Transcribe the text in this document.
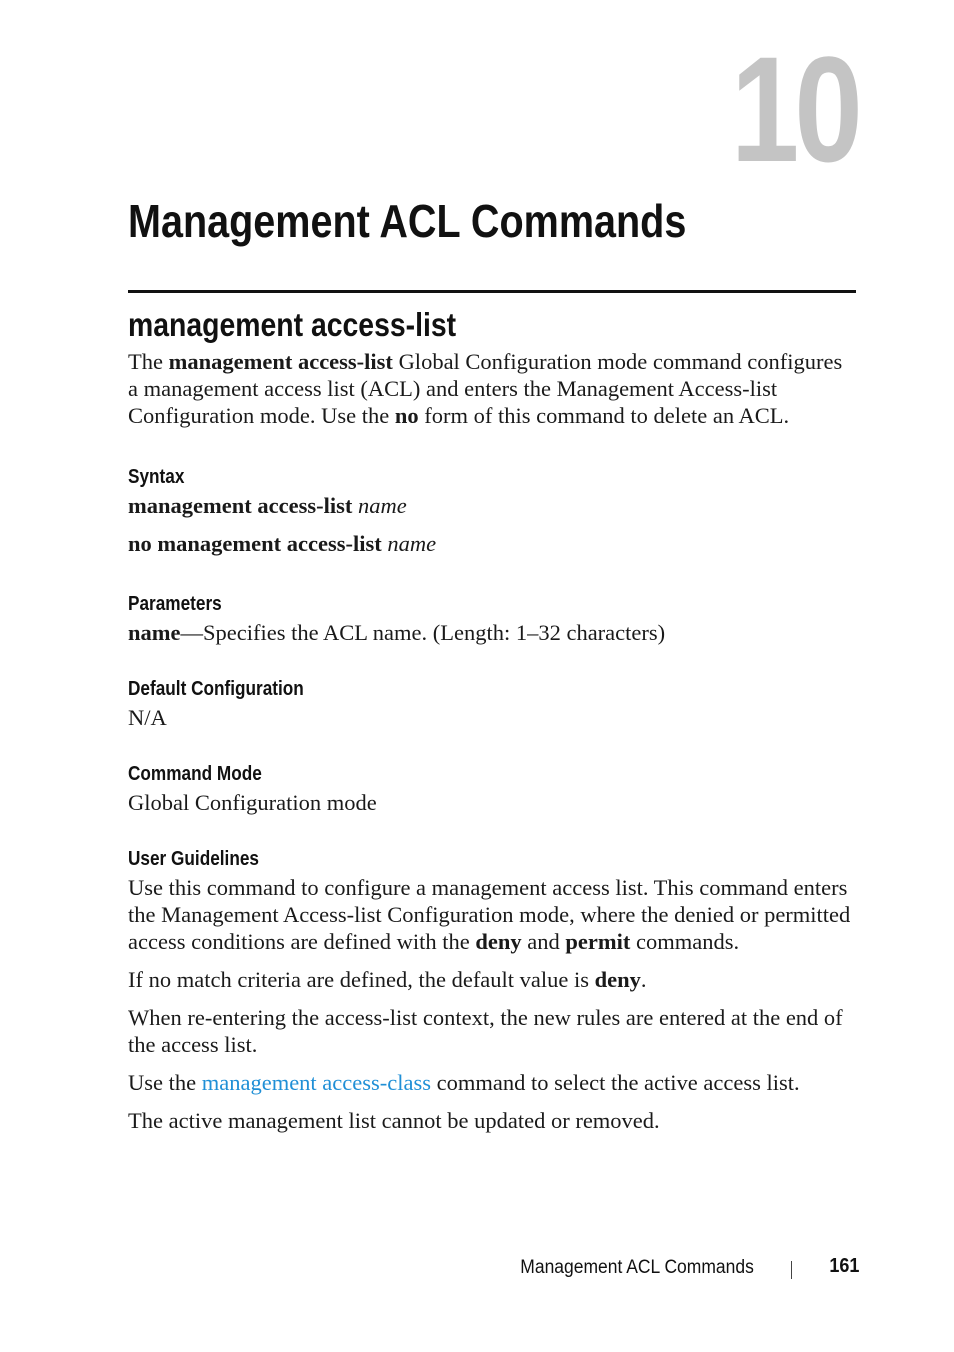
10
Management ACL Commands
management access-list

The management access-list Global Configuration mode command configures a management access list (ACL) and enters the Management Access-list Configuration mode. Use the no form of this command to delete an ACL.

Syntax

management access-list name

no management access-list name

Parameters

name—Specifies the ACL name. (Length: 1–32 characters)

Default Configuration

N/A

Command Mode

Global Configuration mode

User Guidelines

Use this command to configure a management access list. This command enters the Management Access-list Configuration mode, where the denied or permitted access conditions are defined with the deny and permit commands.

If no match criteria are defined, the default value is deny.

When re-entering the access-list context, the new rules are entered at the end of the access list.

Use the management access-class command to select the active access list.

The active management list cannot be updated or removed.

Management ACL Commands	161
